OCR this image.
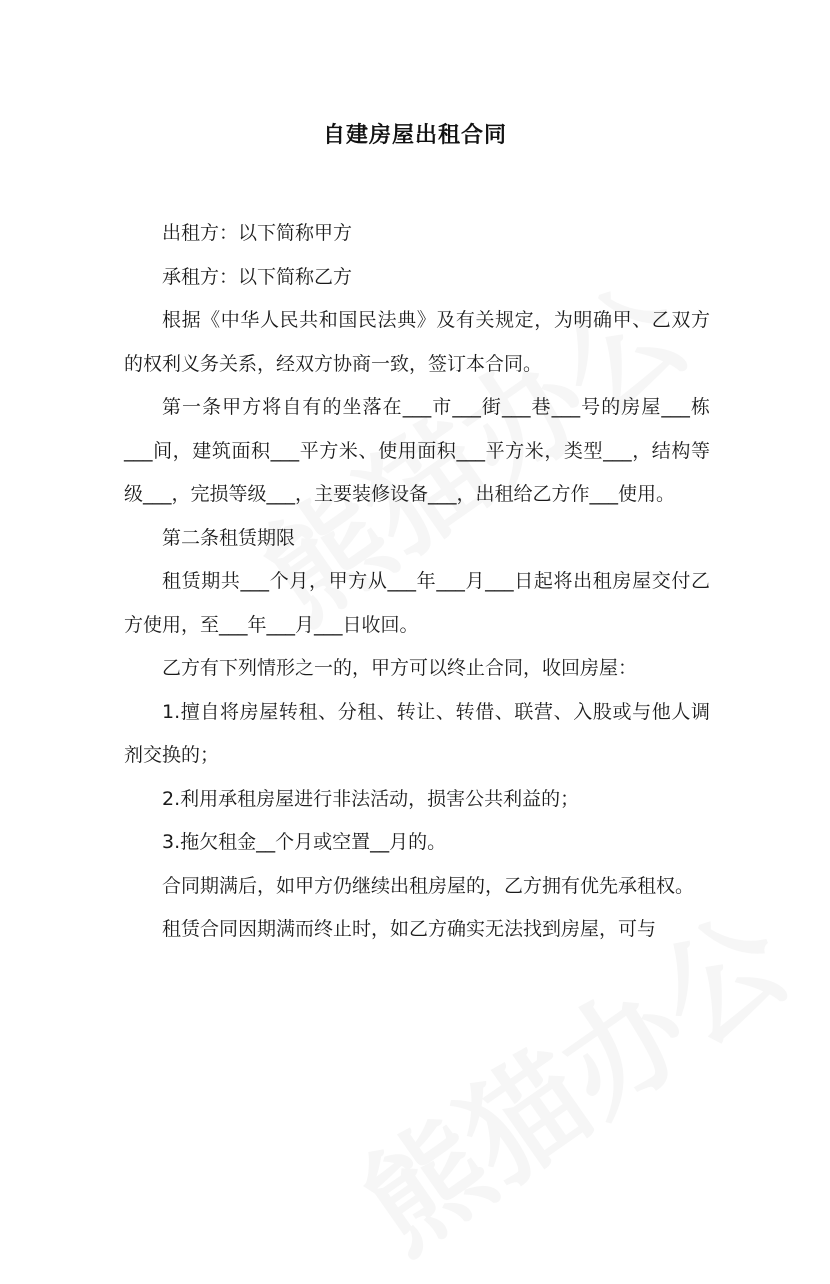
自建房屋出租合同

出租方：以下简称甲方

承租方：以下简称乙方

根据《中华人民共和国民法典》及有关规定，为明确甲、乙双方的权利义务关系，经双方协商一致，签订本合同。

第一条甲方将自有的坐落在___市___街___巷___号的房屋___栋___间，建筑面积___平方米、使用面积___平方米，类型___，结构等级___，完损等级___，主要装修设备___，出租给乙方作___使用。

第二条租赁期限

租赁期共___个月，甲方从___年___月___日起将出租房屋交付乙方使用，至___年___月___日收回。

乙方有下列情形之一的，甲方可以终止合同，收回房屋：

1.擅自将房屋转租、分租、转让、转借、联营、入股或与他人调剂交换的；

2.利用承租房屋进行非法活动，损害公共利益的；

3.拖欠租金__个月或空置__月的。

合同期满后，如甲方仍继续出租房屋的，乙方拥有优先承租权。

租赁合同因期满而终止时，如乙方确实无法找到房屋，可与
